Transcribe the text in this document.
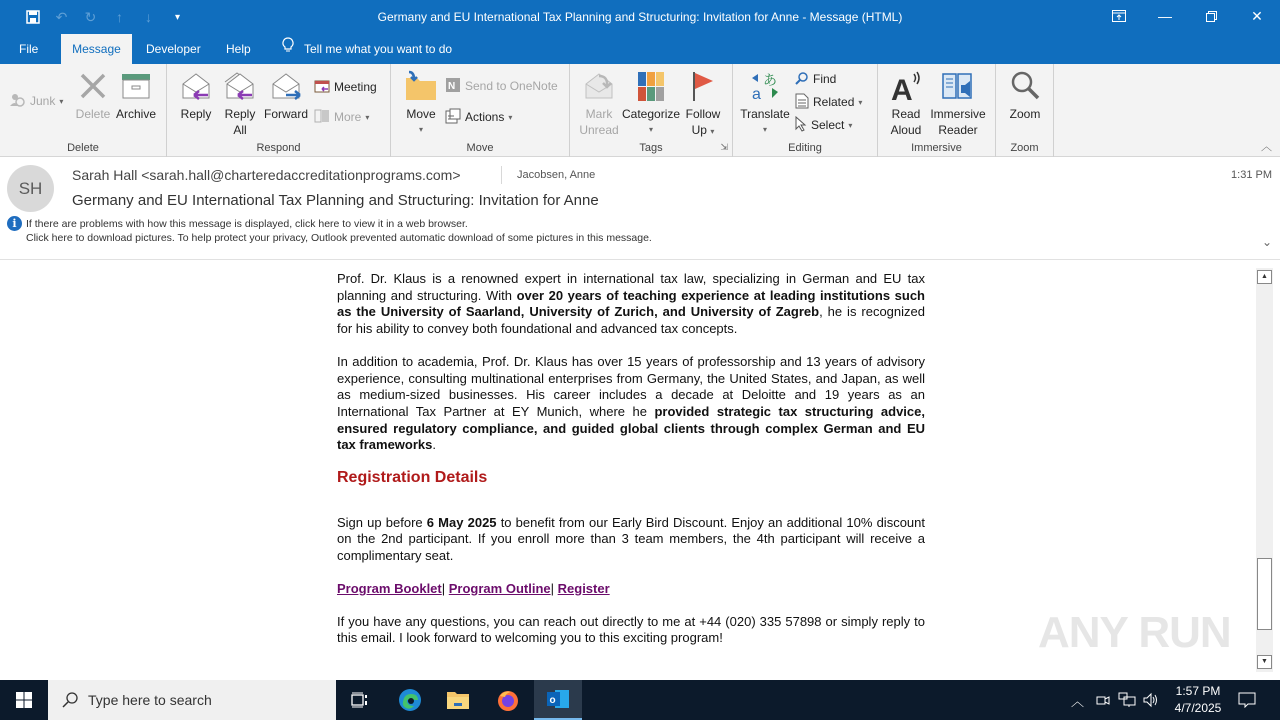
↶	↻	↑	↓	▾	Germany and EU International Tax Planning and Structuring: Invitation for Anne - Message (HTML)	—	✕
File	Message	Developer	Help	Tell me what you want to do
Junk ▾
Delete Archive
Delete
Reply	Reply
All
Forward
Meeting
More ▾
Respond
Move
▾
N Send to OneNote
Actions ▾
Move
Mark
Unread
Categorize
▾
Follow
Up ▾
⇲
Tags
あ
a
Translate
▾
Find
Related ▾
Select ▾
Editing
A
Read
Aloud
Immersive
Reader
Immersive
Zoom
Zoom	︿
SH
Sarah Hall <sarah.hall@charteredaccreditationprograms.com>	Jacobsen, Anne	1:31 PM
Germany and EU International Tax Planning and Structuring: Invitation for Anne
i If there are problems with how this message is displayed, click here to view it in a web browser.
Click here to download pictures. To help protect your privacy, Outlook prevented automatic download of some pictures in this message.	⌄

Prof. Dr. Klaus is a renowned expert in international tax law, specializing in German and EU tax planning and structuring. With over 20 years of teaching experience at leading institutions such as the University of Saarland, University of Zurich, and University of Zagreb, he is recognized for his ability to convey both foundational and advanced tax concepts.

In addition to academia, Prof. Dr. Klaus has over 15 years of professorship and 13 years of advisory experience, consulting multinational enterprises from Germany, the United States, and Japan, as well as medium-sized businesses. His career includes a decade at Deloitte and 19 years as an International Tax Partner at EY Munich, where he provided strategic tax structuring advice, ensured regulatory compliance, and guided global clients through complex German and EU tax frameworks.

Registration Details

Sign up before 6 May 2025 to benefit from our Early Bird Discount. Enjoy an additional 10% discount on the 2nd participant. If you enroll more than 3 team members, the 4th participant will receive a complimentary seat.

Program Booklet| Program Outline| Register

If you have any questions, you can reach out directly to me at +44 (020) 335 57898 or simply reply to this email. I look forward to welcoming you to this exciting program!

▲
▼
ANY RUN
Type here to search	o	︿
1:57 PM
4/7/2025
